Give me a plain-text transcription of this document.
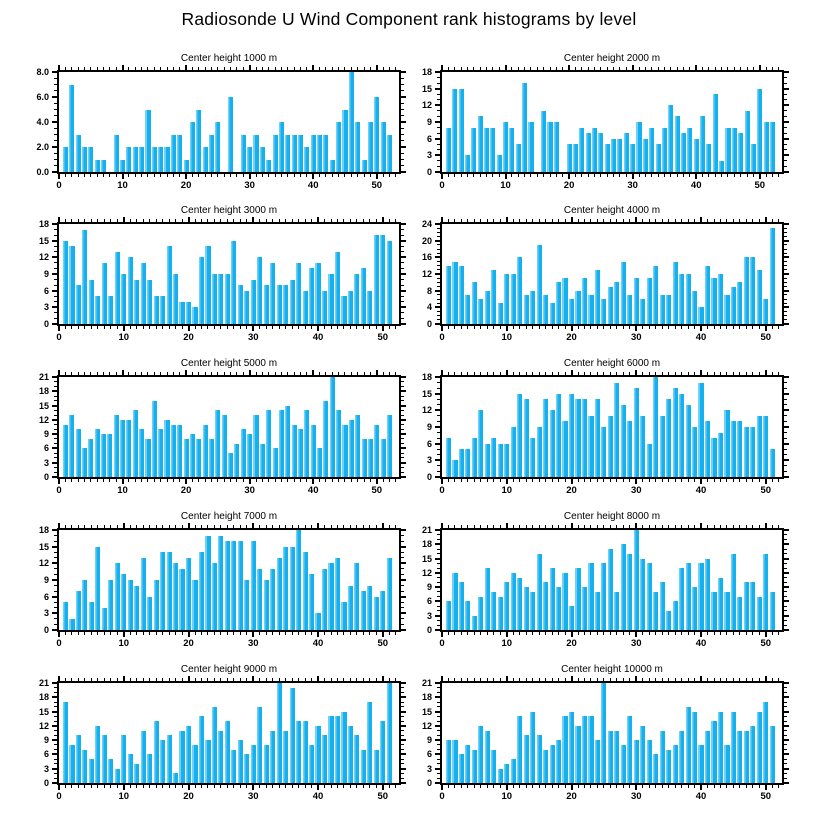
Radiosonde U Wind Component rank histograms by level
Center height 1000 m
0	10	20	30	40	50
0.0
2.0
4.0
6.0
8.0
Center height 2000 m
0	10	20	30	40	50
0
3
6
9
12
15
18
Center height 3000 m
0	10	20	30	40	50
0
3
6
9
12
15
18
Center height 4000 m
0	10	20	30	40	50
0
4
8
12
16
20
24
Center height 5000 m
0	10	20	30	40	50
0
3
6
9
12
15
18
21
Center height 6000 m
0	10	20	30	40	50
0
3
6
9
12
15
18
Center height 7000 m
0	10	20	30	40	50
0
3
6
9
12
15
18
Center height 8000 m
0	10	20	30	40	50
0
3
6
9
12
15
18
21
Center height 9000 m
0	10	20	30	40	50
0
3
6
9
12
15
18
21
Center height 10000 m
0	10	20	30	40	50
0
3
6
9
12
15
18
21
